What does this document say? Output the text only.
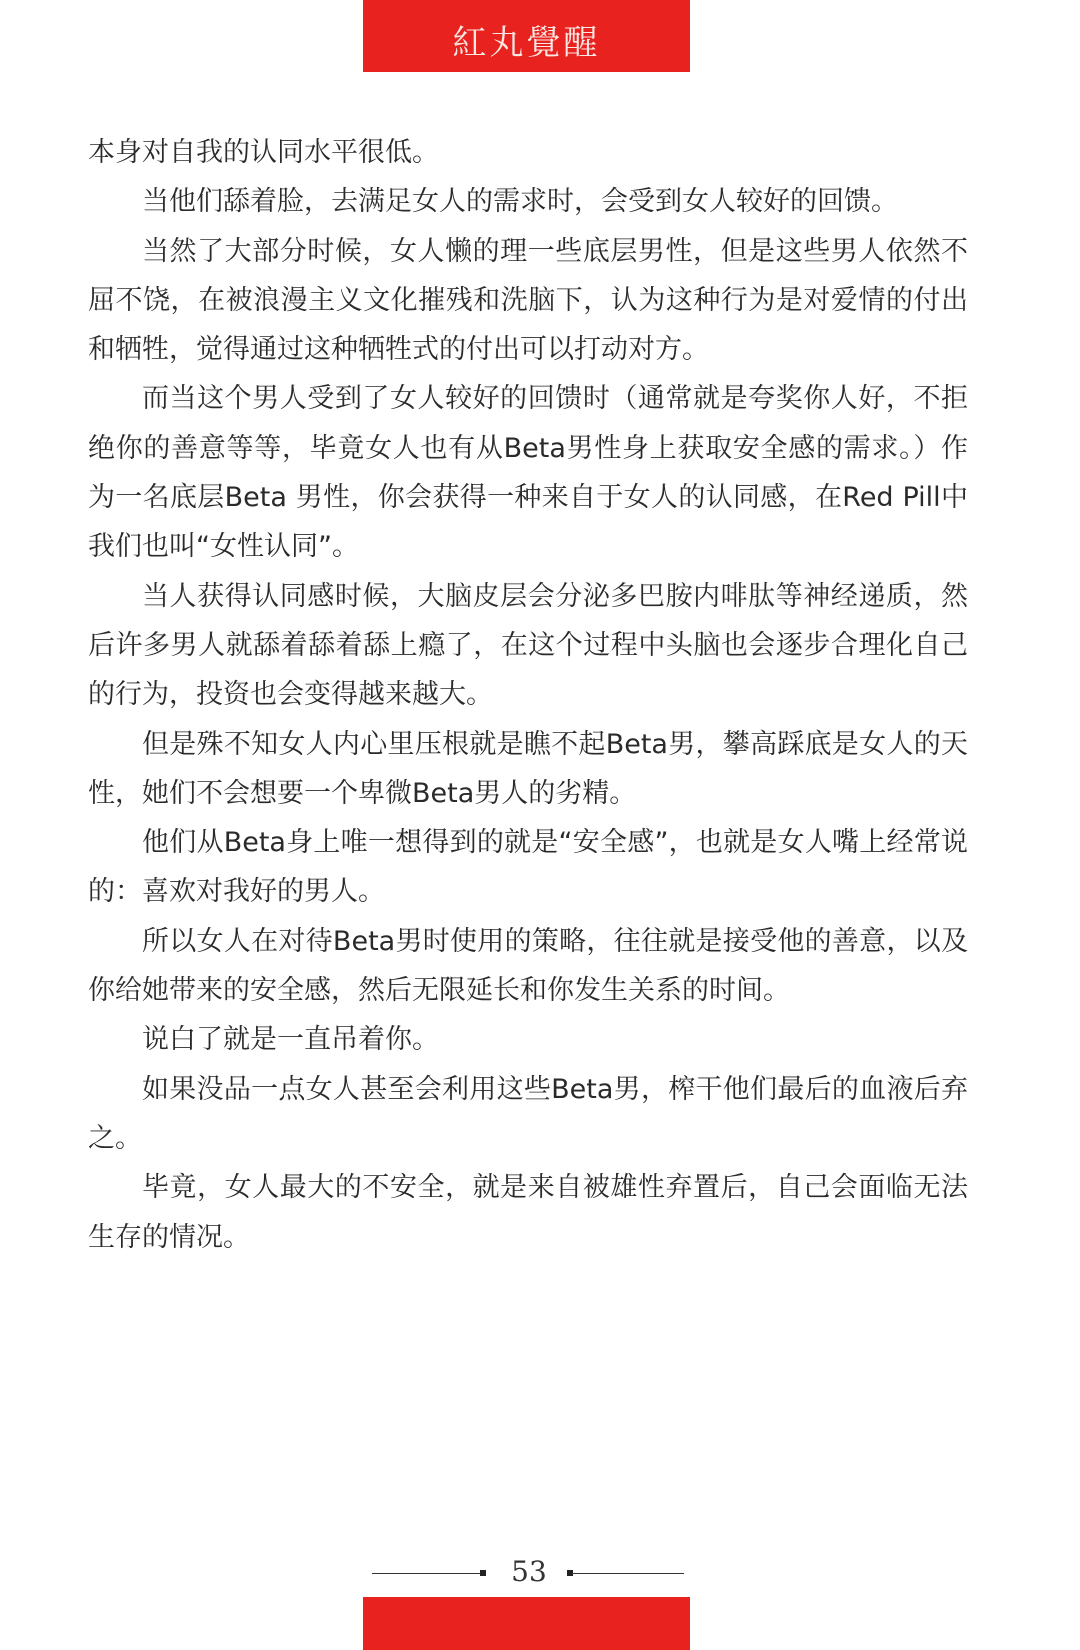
紅丸覺醒

本身对自我的认同水平很低。

当他们舔着脸，去满足女人的需求时，会受到女人较好的回馈。

当然了大部分时候，女人懒的理一些底层男性，但是这些男人依然不屈不饶，在被浪漫主义文化摧残和洗脑下，认为这种行为是对爱情的付出和牺牲，觉得通过这种牺牲式的付出可以打动对方。

而当这个男人受到了女人较好的回馈时（通常就是夸奖你人好，不拒绝你的善意等等，毕竟女人也有从Beta男性身上获取安全感的需求。）作为一名底层Beta 男性，你会获得一种来自于女人的认同感，在Red Pill中我们也叫“女性认同”。

当人获得认同感时候，大脑皮层会分泌多巴胺内啡肽等神经递质，然后许多男人就舔着舔着舔上瘾了，在这个过程中头脑也会逐步合理化自己的行为，投资也会变得越来越大。

但是殊不知女人内心里压根就是瞧不起Beta男，攀高踩底是女人的天性，她们不会想要一个卑微Beta男人的劣精。

他们从Beta身上唯一想得到的就是“安全感”，也就是女人嘴上经常说的：喜欢对我好的男人。

所以女人在对待Beta男时使用的策略，往往就是接受他的善意，以及你给她带来的安全感，然后无限延长和你发生关系的时间。

说白了就是一直吊着你。

如果没品一点女人甚至会利用这些Beta男，榨干他们最后的血液后弃之。

毕竟，女人最大的不安全，就是来自被雄性弃置后，自己会面临无法生存的情况。

53
